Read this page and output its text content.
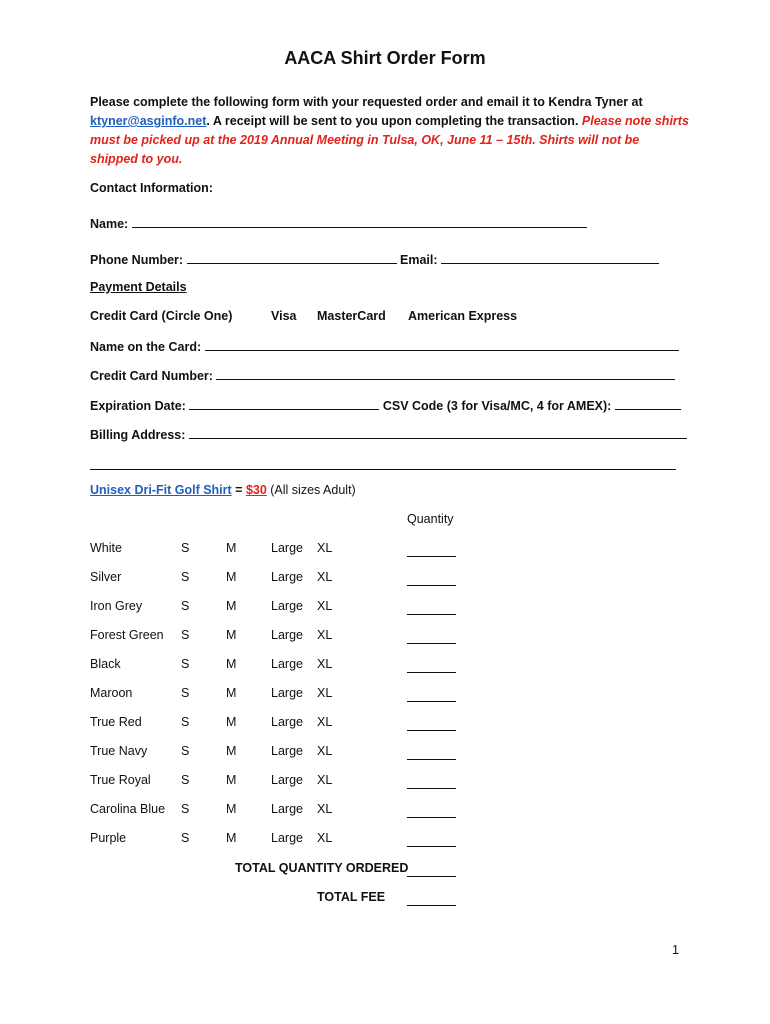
AACA Shirt Order Form
Please complete the following form with your requested order and email it to Kendra Tyner at ktyner@asginfo.net. A receipt will be sent to you upon completing the transaction. Please note shirts must be picked up at the 2019 Annual Meeting in Tulsa, OK, June 11 – 15th. Shirts will not be shipped to you.
Contact Information:
Name:
Phone Number:	Email:
Payment Details
Credit Card (Circle One)	Visa MasterCard American Express
Name on the Card:
Credit Card Number:
Expiration Date:	CSV Code (3 for Visa/MC, 4 for AMEX):
Billing Address:
Unisex Dri-Fit Golf Shirt = $30 (All sizes Adult)
Quantity
White	S	M	Large XL
Silver	S	M	Large XL
Iron Grey	S	M	Large XL
Forest Green S	M	Large XL
Black	S	M	Large XL
Maroon	S	M	Large XL
True Red	S	M	Large XL
True Navy	S	M	Large XL
True Royal S	M	Large XL
Carolina Blue S	M	Large XL
Purple	S	M	Large XL
TOTAL QUANTITY ORDERED
TOTAL FEE
1
